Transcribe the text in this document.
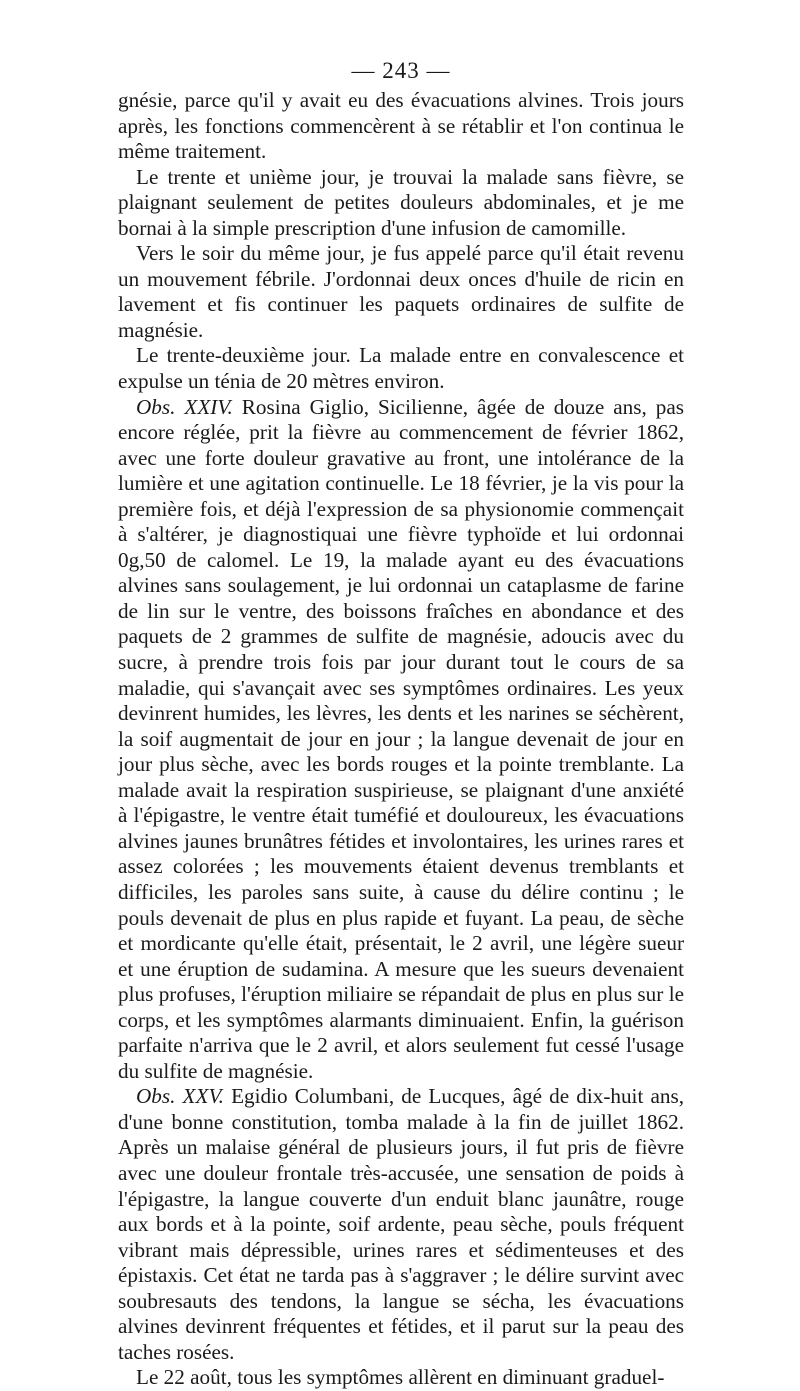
— 243 —

gnésie, parce qu'il y avait eu des évacuations alvines. Trois jours après, les fonctions commencèrent à se rétablir et l'on continua le même traitement.

Le trente et unième jour, je trouvai la malade sans fièvre, se plaignant seulement de petites douleurs abdominales, et je me bornai à la simple prescription d'une infusion de camomille.

Vers le soir du même jour, je fus appelé parce qu'il était revenu un mouvement fébrile. J'ordonnai deux onces d'huile de ricin en lavement et fis continuer les paquets ordinaires de sulfite de magnésie.

Le trente-deuxième jour. La malade entre en convalescence et expulse un ténia de 20 mètres environ.

Obs. XXIV. Rosina Giglio, Sicilienne, âgée de douze ans, pas encore réglée, prit la fièvre au commencement de février 1862, avec une forte douleur gravative au front, une intolérance de la lumière et une agitation continuelle. Le 18 février, je la vis pour la première fois, et déjà l'expression de sa physionomie commençait à s'altérer, je diagnostiquai une fièvre typhoïde et lui ordonnai 0g,50 de calomel. Le 19, la malade ayant eu des évacuations alvines sans soulagement, je lui ordonnai un cataplasme de farine de lin sur le ventre, des boissons fraîches en abondance et des paquets de 2 grammes de sulfite de magnésie, adoucis avec du sucre, à prendre trois fois par jour durant tout le cours de sa maladie, qui s'avançait avec ses symptômes ordinaires. Les yeux devinrent humides, les lèvres, les dents et les narines se séchèrent, la soif augmentait de jour en jour ; la langue devenait de jour en jour plus sèche, avec les bords rouges et la pointe tremblante. La malade avait la respiration suspirieuse, se plaignant d'une anxiété à l'épigastre, le ventre était tuméfié et douloureux, les évacuations alvines jaunes brunâtres fétides et involontaires, les urines rares et assez colorées ; les mouvements étaient devenus tremblants et difficiles, les paroles sans suite, à cause du délire continu ; le pouls devenait de plus en plus rapide et fuyant. La peau, de sèche et mordicante qu'elle était, présentait, le 2 avril, une légère sueur et une éruption de sudamina. A mesure que les sueurs devenaient plus profuses, l'éruption miliaire se répandait de plus en plus sur le corps, et les symptômes alarmants diminuaient. Enfin, la guérison parfaite n'arriva que le 2 avril, et alors seulement fut cessé l'usage du sulfite de magnésie.

Obs. XXV. Egidio Columbani, de Lucques, âgé de dix-huit ans, d'une bonne constitution, tomba malade à la fin de juillet 1862. Après un malaise général de plusieurs jours, il fut pris de fièvre avec une douleur frontale très-accusée, une sensation de poids à l'épigastre, la langue couverte d'un enduit blanc jaunâtre, rouge aux bords et à la pointe, soif ardente, peau sèche, pouls fréquent vibrant mais dépressible, urines rares et sédimenteuses et des épistaxis. Cet état ne tarda pas à s'aggraver ; le délire survint avec soubresauts des tendons, la langue se sécha, les évacuations alvines devinrent fréquentes et fétides, et il parut sur la peau des taches rosées.

Le 22 août, tous les symptômes allèrent en diminuant graduel-
